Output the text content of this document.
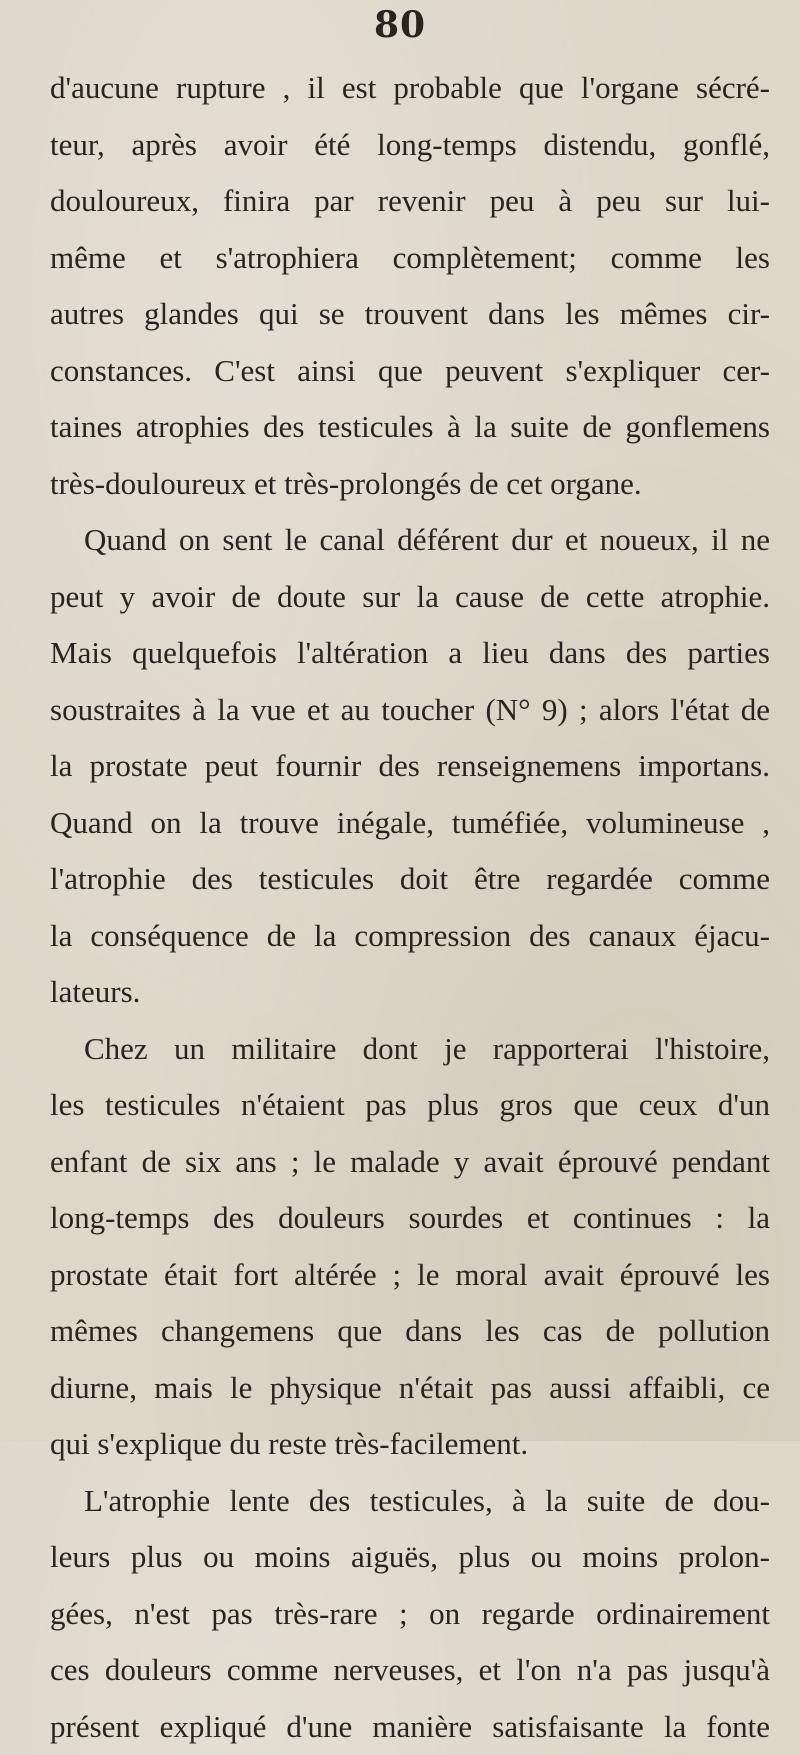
80
d'aucune rupture , il est probable que l'organe sécré-
teur, après avoir été long-temps distendu, gonflé,
douloureux, finira par revenir peu à peu sur lui-
même et s'atrophiera complètement; comme les
autres glandes qui se trouvent dans les mêmes cir-
constances. C'est ainsi que peuvent s'expliquer cer-
taines atrophies des testicules à la suite de gonflemens
très-douloureux et très-prolongés de cet organe.
Quand on sent le canal déférent dur et noueux, il ne
peut y avoir de doute sur la cause de cette atrophie.
Mais quelquefois l'altération a lieu dans des parties
soustraites à la vue et au toucher (N° 9) ; alors l'état de
la prostate peut fournir des renseignemens importans.
Quand on la trouve inégale, tuméfiée, volumineuse ,
l'atrophie des testicules doit être regardée comme
la conséquence de la compression des canaux éjacu-
lateurs.
Chez un militaire dont je rapporterai l'histoire,
les testicules n'étaient pas plus gros que ceux d'un
enfant de six ans ; le malade y avait éprouvé pendant
long-temps des douleurs sourdes et continues : la
prostate était fort altérée ; le moral avait éprouvé les
mêmes changemens que dans les cas de pollution
diurne, mais le physique n'était pas aussi affaibli, ce
qui s'explique du reste très-facilement.
L'atrophie lente des testicules, à la suite de dou-
leurs plus ou moins aiguës, plus ou moins prolon-
gées, n'est pas très-rare ; on regarde ordinairement
ces douleurs comme nerveuses, et l'on n'a pas jusqu'à
présent expliqué d'une manière satisfaisante la fonte
